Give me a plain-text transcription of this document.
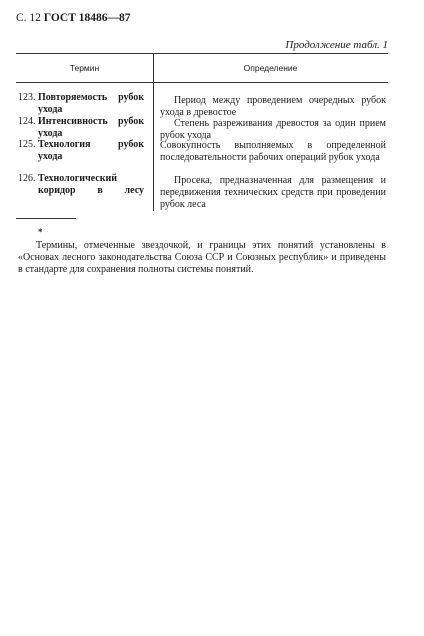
С. 12 ГОСТ 18486—87
Продолжение табл. 1
Термин	Определение
123. Повторяемость рубок ухода
Период между проведением очередных рубок ухода в древостое
124. Интенсивность рубок ухода
Степень разреживания древостоя за один прием рубок ухода
125. Технология рубок ухода
Совокупность выполняемых в определенной последовательности рабочих операций рубок ухода
126. Технологический коридор в лесу
Просека, предназначенная для размещения и передвижения технических средств при проведении рубок леса
*
Термины, отмеченные звездочкой, и границы этих понятий установлены в «Основах лесного законодательства Союза ССР и Союзных республик» и приведены в стандарте для сохранения полноты системы понятий.
